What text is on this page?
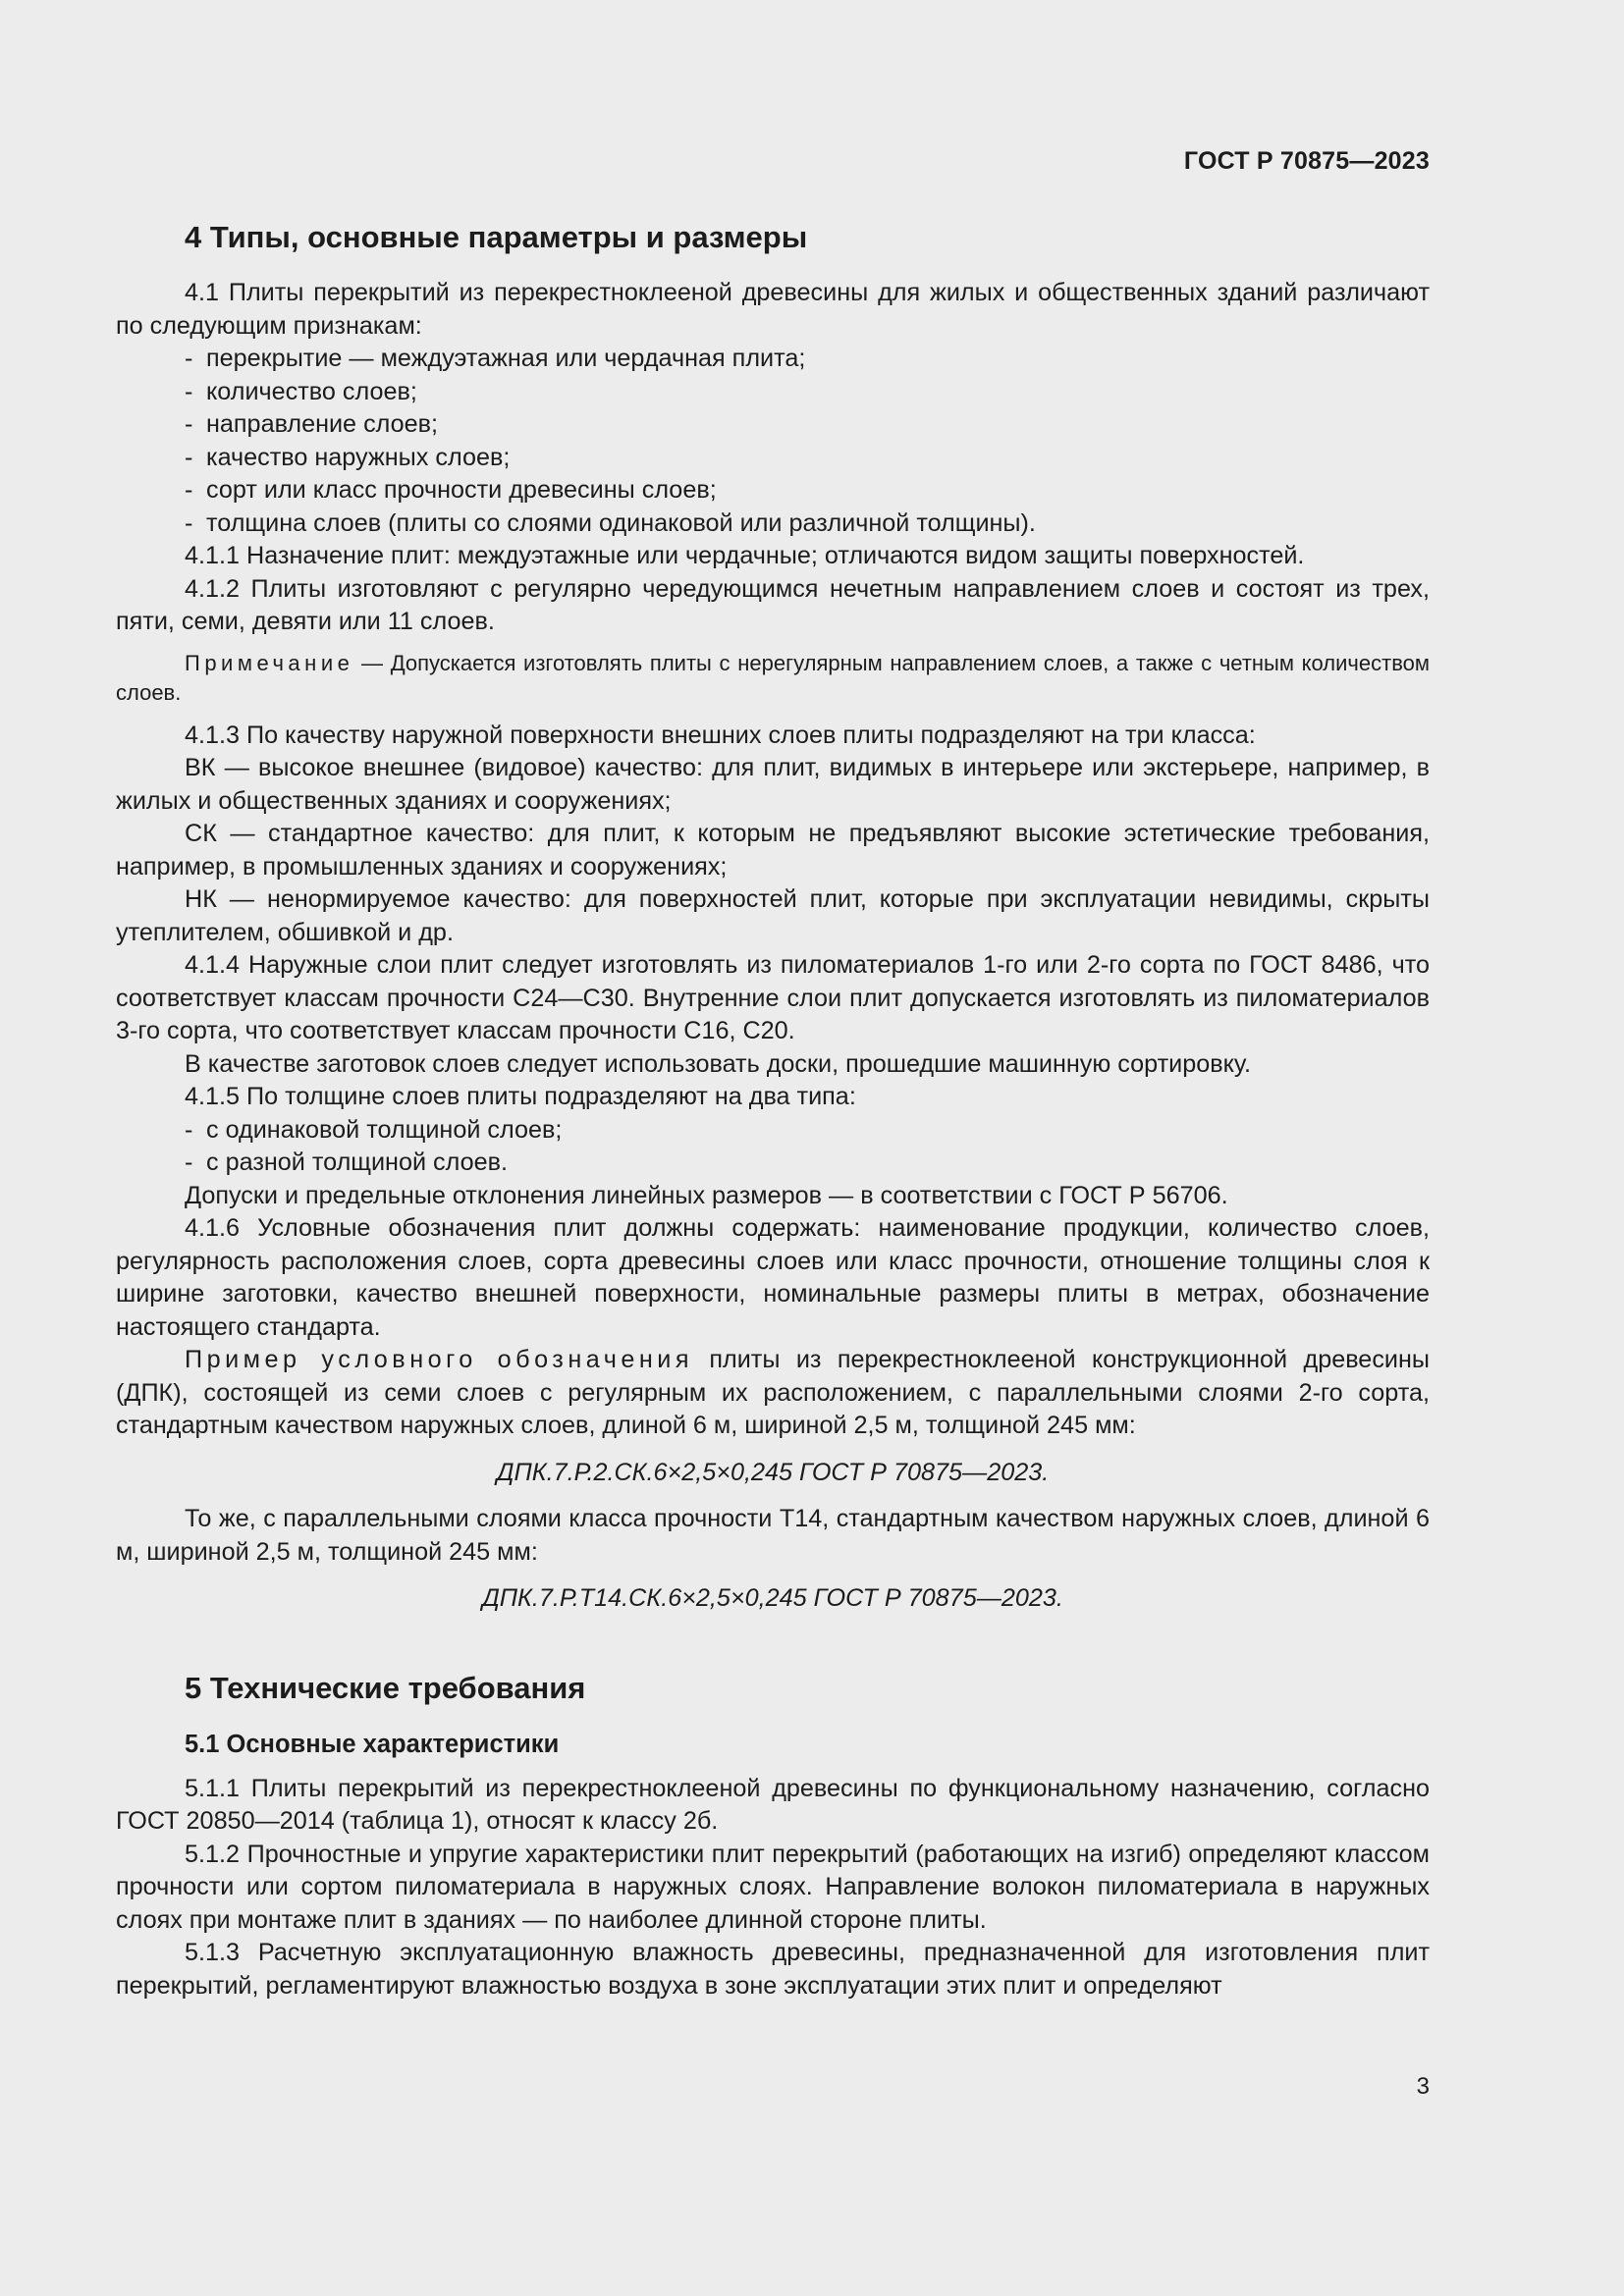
ГОСТ Р 70875—2023
4 Типы, основные параметры и размеры

4.1 Плиты перекрытий из перекрестноклееной древесины для жилых и общественных зданий различают по следующим признакам:

- перекрытие — междуэтажная или чердачная плита;
- количество слоев;
- направление слоев;
- качество наружных слоев;
- сорт или класс прочности древесины слоев;
- толщина слоев (плиты со слоями одинаковой или различной толщины).

4.1.1 Назначение плит: междуэтажные или чердачные; отличаются видом защиты поверхностей.

4.1.2 Плиты изготовляют с регулярно чередующимся нечетным направлением слоев и состоят из трех, пяти, семи, девяти или 11 слоев.

Примечание — Допускается изготовлять плиты с нерегулярным направлением слоев, а также с четным количеством слоев.

4.1.3 По качеству наружной поверхности внешних слоев плиты подразделяют на три класса:

ВК — высокое внешнее (видовое) качество: для плит, видимых в интерьере или экстерьере, например, в жилых и общественных зданиях и сооружениях;

СК — стандартное качество: для плит, к которым не предъявляют высокие эстетические требования, например, в промышленных зданиях и сооружениях;

НК — ненормируемое качество: для поверхностей плит, которые при эксплуатации невидимы, скрыты утеплителем, обшивкой и др.

4.1.4 Наружные слои плит следует изготовлять из пиломатериалов 1-го или 2-го сорта по ГОСТ 8486, что соответствует классам прочности С24—С30. Внутренние слои плит допускается изготовлять из пиломатериалов 3-го сорта, что соответствует классам прочности С16, С20.

В качестве заготовок слоев следует использовать доски, прошедшие машинную сортировку.

4.1.5 По толщине слоев плиты подразделяют на два типа:

- с одинаковой толщиной слоев;
- с разной толщиной слоев.

Допуски и предельные отклонения линейных размеров — в соответствии с ГОСТ Р 56706.

4.1.6 Условные обозначения плит должны содержать: наименование продукции, количество слоев, регулярность расположения слоев, сорта древесины слоев или класс прочности, отношение толщины слоя к ширине заготовки, качество внешней поверхности, номинальные размеры плиты в метрах, обозначение настоящего стандарта.

Пример условного обозначения плиты из перекрестноклееной конструкционной древесины (ДПК), состоящей из семи слоев с регулярным их расположением, с параллельными слоями 2-го сорта, стандартным качеством наружных слоев, длиной 6 м, шириной 2,5 м, толщиной 245 мм:

ДПК.7.Р.2.СК.6×2,5×0,245 ГОСТ Р 70875—2023.

То же, с параллельными слоями класса прочности Т14, стандартным качеством наружных слоев, длиной 6 м, шириной 2,5 м, толщиной 245 мм:

ДПК.7.Р.Т14.СК.6×2,5×0,245 ГОСТ Р 70875—2023.

5 Технические требования
5.1 Основные характеристики

5.1.1 Плиты перекрытий из перекрестноклееной древесины по функциональному назначению, согласно ГОСТ 20850—2014 (таблица 1), относят к классу 2б.

5.1.2 Прочностные и упругие характеристики плит перекрытий (работающих на изгиб) определяют классом прочности или сортом пиломатериала в наружных слоях. Направление волокон пиломатериала в наружных слоях при монтаже плит в зданиях — по наиболее длинной стороне плиты.

5.1.3 Расчетную эксплуатационную влажность древесины, предназначенной для изготовления плит перекрытий, регламентируют влажностью воздуха в зоне эксплуатации этих плит и определяют

3
